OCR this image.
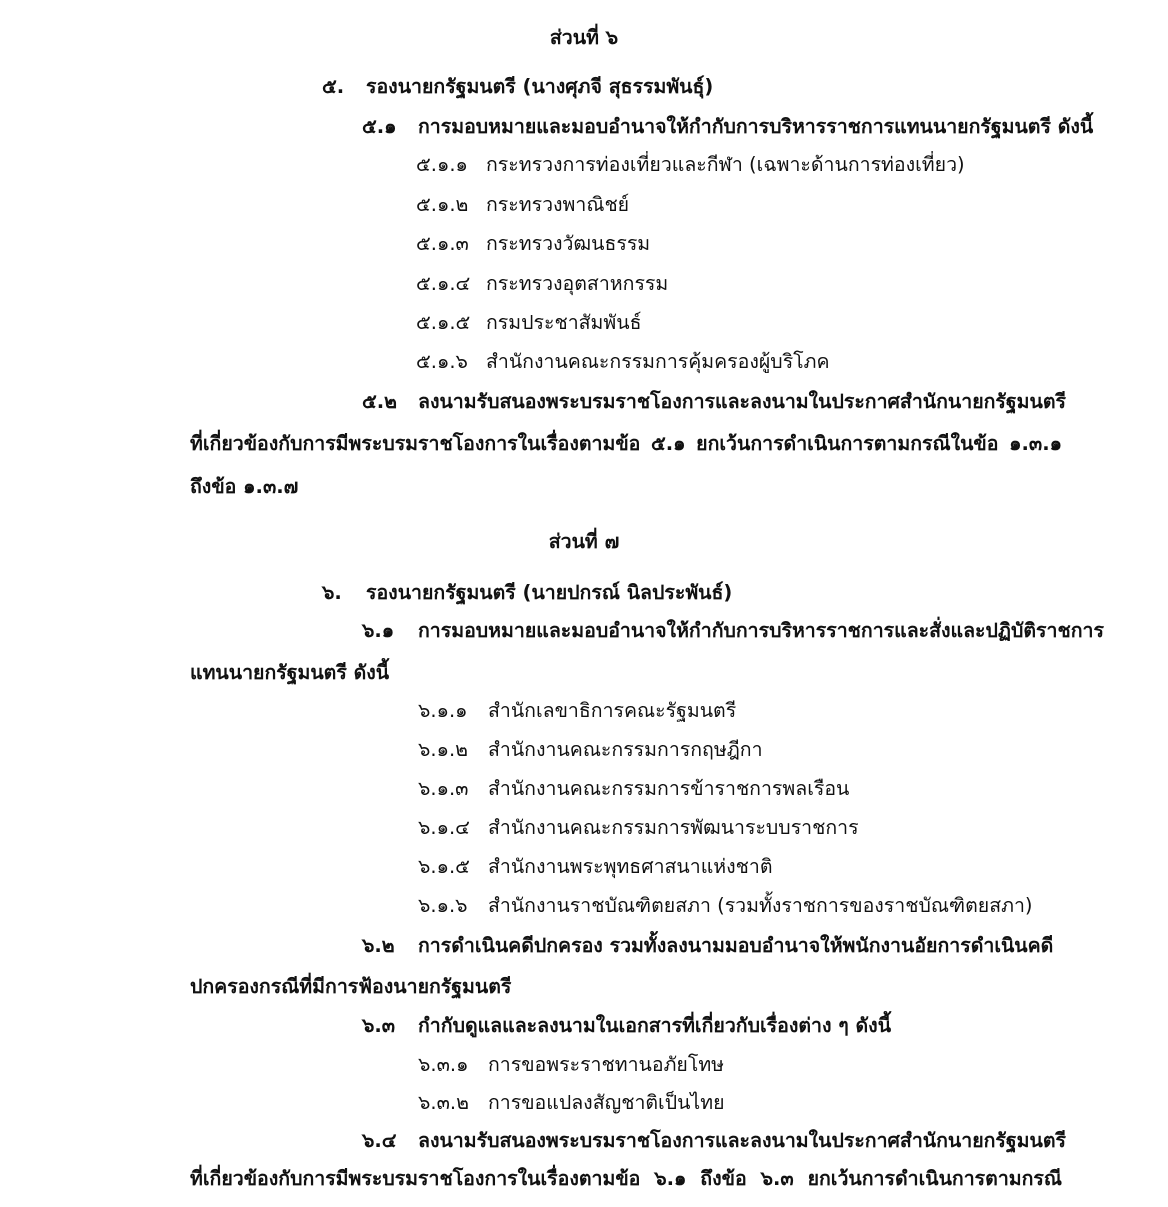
ส่วนที่ ๖
๕. รองนายกรัฐมนตรี (นางศุภจี สุธรรมพันธุ์)
๕.๑ การมอบหมายและมอบอำนาจให้กำกับการบริหารราชการแทนนายกรัฐมนตรี ดังนี้
๕.๑.๑ กระทรวงการท่องเที่ยวและกีฬา (เฉพาะด้านการท่องเที่ยว)
๕.๑.๒ กระทรวงพาณิชย์
๕.๑.๓ กระทรวงวัฒนธรรม
๕.๑.๔ กระทรวงอุตสาหกรรม
๕.๑.๕ กรมประชาสัมพันธ์
๕.๑.๖ สำนักงานคณะกรรมการคุ้มครองผู้บริโภค
๕.๒ ลงนามรับสนองพระบรมราชโองการและลงนามในประกาศสำนักนายกรัฐมนตรี
ที่เกี่ยวข้องกับการมีพระบรมราชโองการในเรื่องตามข้อ ๕.๑ ยกเว้นการดำเนินการตามกรณีในข้อ ๑.๓.๑
ถึงข้อ ๑.๓.๗
ส่วนที่ ๗
๖. รองนายกรัฐมนตรี (นายปกรณ์ นิลประพันธ์)
๖.๑ การมอบหมายและมอบอำนาจให้กำกับการบริหารราชการและสั่งและปฏิบัติราชการ
แทนนายกรัฐมนตรี ดังนี้
๖.๑.๑ สำนักเลขาธิการคณะรัฐมนตรี
๖.๑.๒ สำนักงานคณะกรรมการกฤษฎีกา
๖.๑.๓ สำนักงานคณะกรรมการข้าราชการพลเรือน
๖.๑.๔ สำนักงานคณะกรรมการพัฒนาระบบราชการ
๖.๑.๕ สำนักงานพระพุทธศาสนาแห่งชาติ
๖.๑.๖ สำนักงานราชบัณฑิตยสภา (รวมทั้งราชการของราชบัณฑิตยสภา)
๖.๒ การดำเนินคดีปกครอง รวมทั้งลงนามมอบอำนาจให้พนักงานอัยการดำเนินคดี
ปกครองกรณีที่มีการฟ้องนายกรัฐมนตรี
๖.๓ กำกับดูแลและลงนามในเอกสารที่เกี่ยวกับเรื่องต่าง ๆ ดังนี้
๖.๓.๑ การขอพระราชทานอภัยโทษ
๖.๓.๒ การขอแปลงสัญชาติเป็นไทย
๖.๔ ลงนามรับสนองพระบรมราชโองการและลงนามในประกาศสำนักนายกรัฐมนตรี
ที่เกี่ยวข้องกับการมีพระบรมราชโองการในเรื่องตามข้อ ๖.๑ ถึงข้อ ๖.๓ ยกเว้นการดำเนินการตามกรณี
